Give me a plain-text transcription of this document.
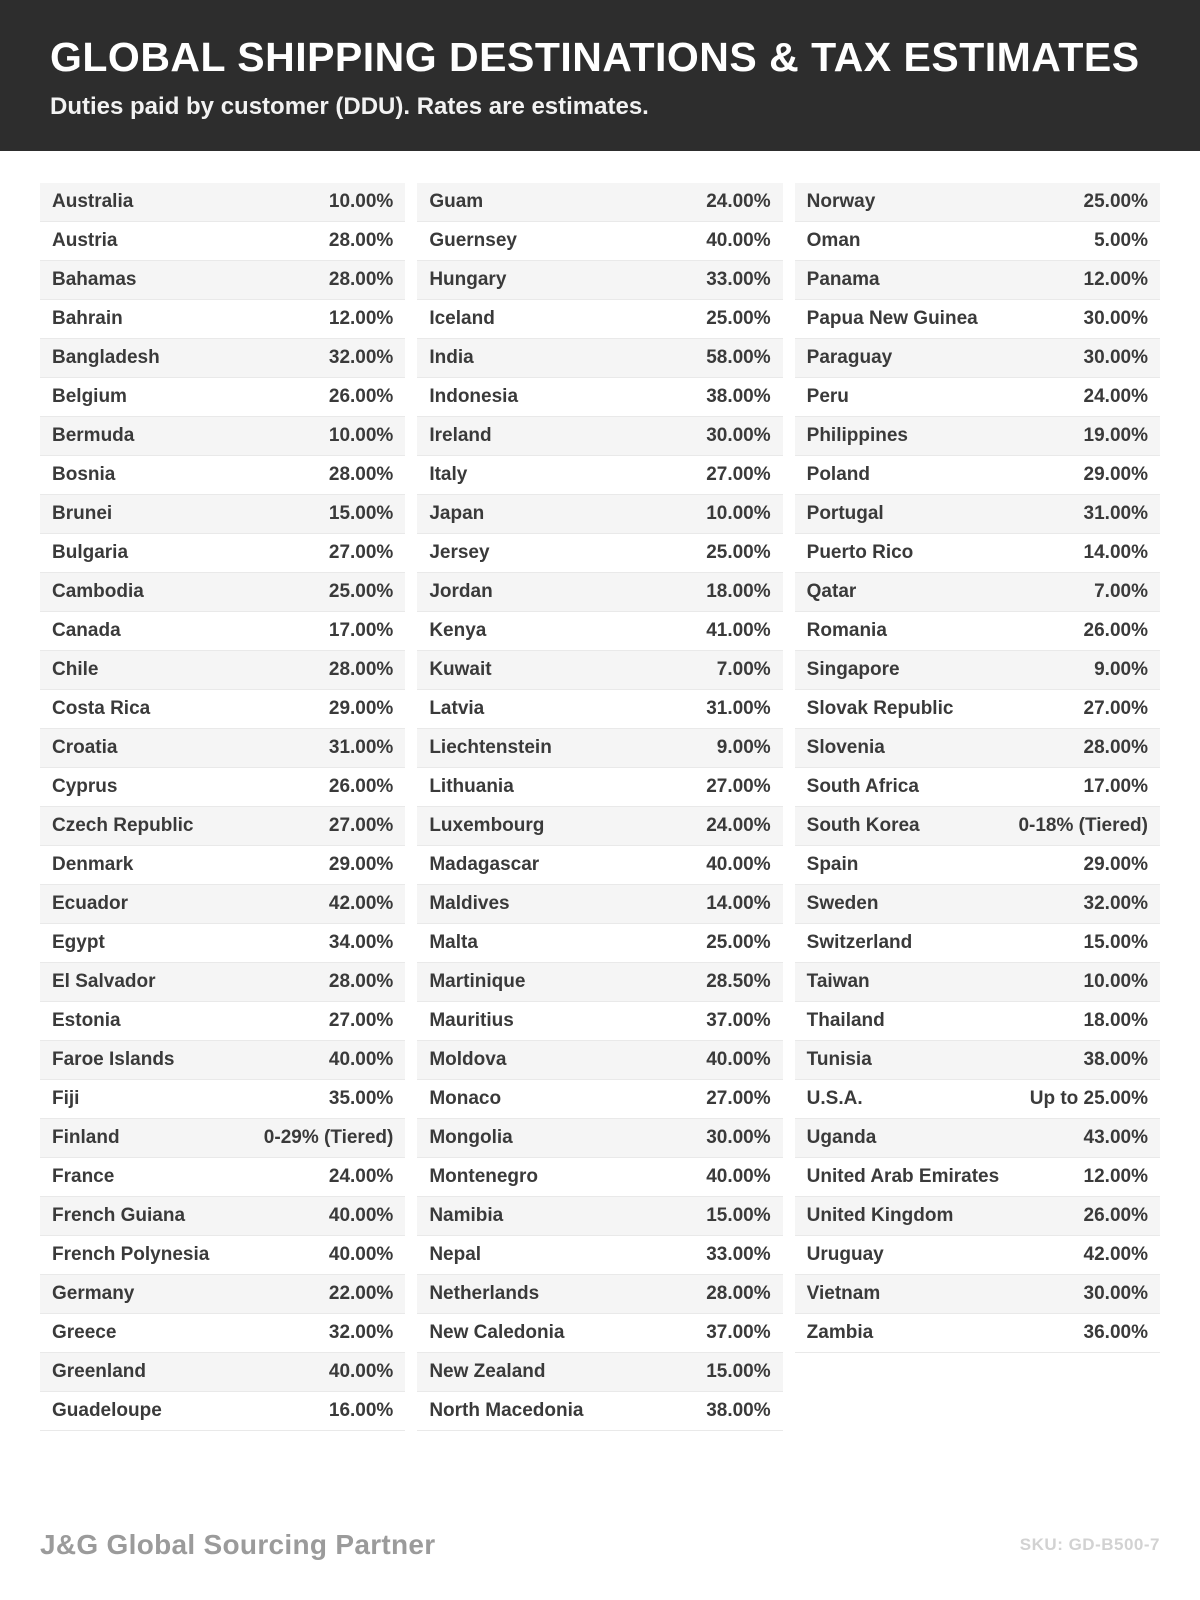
GLOBAL SHIPPING DESTINATIONS & TAX ESTIMATES
Duties paid by customer (DDU). Rates are estimates.
Australia	10.00%
Austria	28.00%
Bahamas	28.00%
Bahrain	12.00%
Bangladesh	32.00%
Belgium	26.00%
Bermuda	10.00%
Bosnia	28.00%
Brunei	15.00%
Bulgaria	27.00%
Cambodia	25.00%
Canada	17.00%
Chile	28.00%
Costa Rica	29.00%
Croatia	31.00%
Cyprus	26.00%
Czech Republic	27.00%
Denmark	29.00%
Ecuador	42.00%
Egypt	34.00%
El Salvador	28.00%
Estonia	27.00%
Faroe Islands	40.00%
Fiji	35.00%
Finland	0-29% (Tiered)
France	24.00%
French Guiana	40.00%
French Polynesia	40.00%
Germany	22.00%
Greece	32.00%
Greenland	40.00%
Guadeloupe	16.00%
Guam	24.00%
Guernsey	40.00%
Hungary	33.00%
Iceland	25.00%
India	58.00%
Indonesia	38.00%
Ireland	30.00%
Italy	27.00%
Japan	10.00%
Jersey	25.00%
Jordan	18.00%
Kenya	41.00%
Kuwait	7.00%
Latvia	31.00%
Liechtenstein	9.00%
Lithuania	27.00%
Luxembourg	24.00%
Madagascar	40.00%
Maldives	14.00%
Malta	25.00%
Martinique	28.50%
Mauritius	37.00%
Moldova	40.00%
Monaco	27.00%
Mongolia	30.00%
Montenegro	40.00%
Namibia	15.00%
Nepal	33.00%
Netherlands	28.00%
New Caledonia	37.00%
New Zealand	15.00%
North Macedonia	38.00%
Norway	25.00%
Oman	5.00%
Panama	12.00%
Papua New Guinea	30.00%
Paraguay	30.00%
Peru	24.00%
Philippines	19.00%
Poland	29.00%
Portugal	31.00%
Puerto Rico	14.00%
Qatar	7.00%
Romania	26.00%
Singapore	9.00%
Slovak Republic	27.00%
Slovenia	28.00%
South Africa	17.00%
South Korea	0-18% (Tiered)
Spain	29.00%
Sweden	32.00%
Switzerland	15.00%
Taiwan	10.00%
Thailand	18.00%
Tunisia	38.00%
U.S.A.	Up to 25.00%
Uganda	43.00%
United Arab Emirates	12.00%
United Kingdom	26.00%
Uruguay	42.00%
Vietnam	30.00%
Zambia	36.00%
J&G Global Sourcing Partner	SKU: GD-B500-7
